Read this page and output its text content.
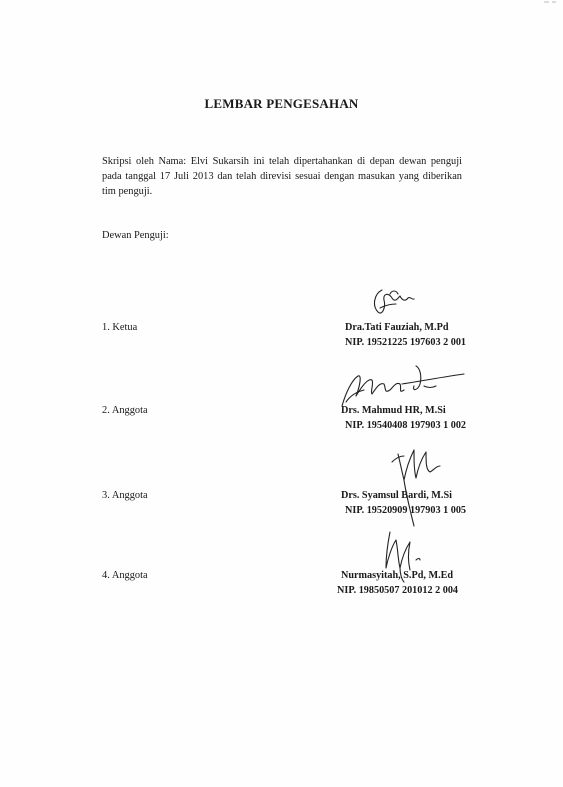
LEMBAR PENGESAHAN
Skripsi oleh Nama: Elvi Sukarsih ini telah dipertahankan di depan dewan penguji pada tanggal 17 Juli 2013 dan telah direvisi sesuai dengan masukan yang diberikan tim penguji.
Dewan Penguji:
1. Ketua	Dra.Tati Fauziah, M.Pd
NIP. 19521225 197603 2 001
2. Anggota	Drs. Mahmud HR, M.Si
NIP. 19540408 197903 1 002
3. Anggota	Drs. Syamsul Bardi, M.Si
NIP. 19520909 197903 1 005
4. Anggota	Nurmasyitah, S.Pd, M.Ed
NIP. 19850507 201012 2 004
